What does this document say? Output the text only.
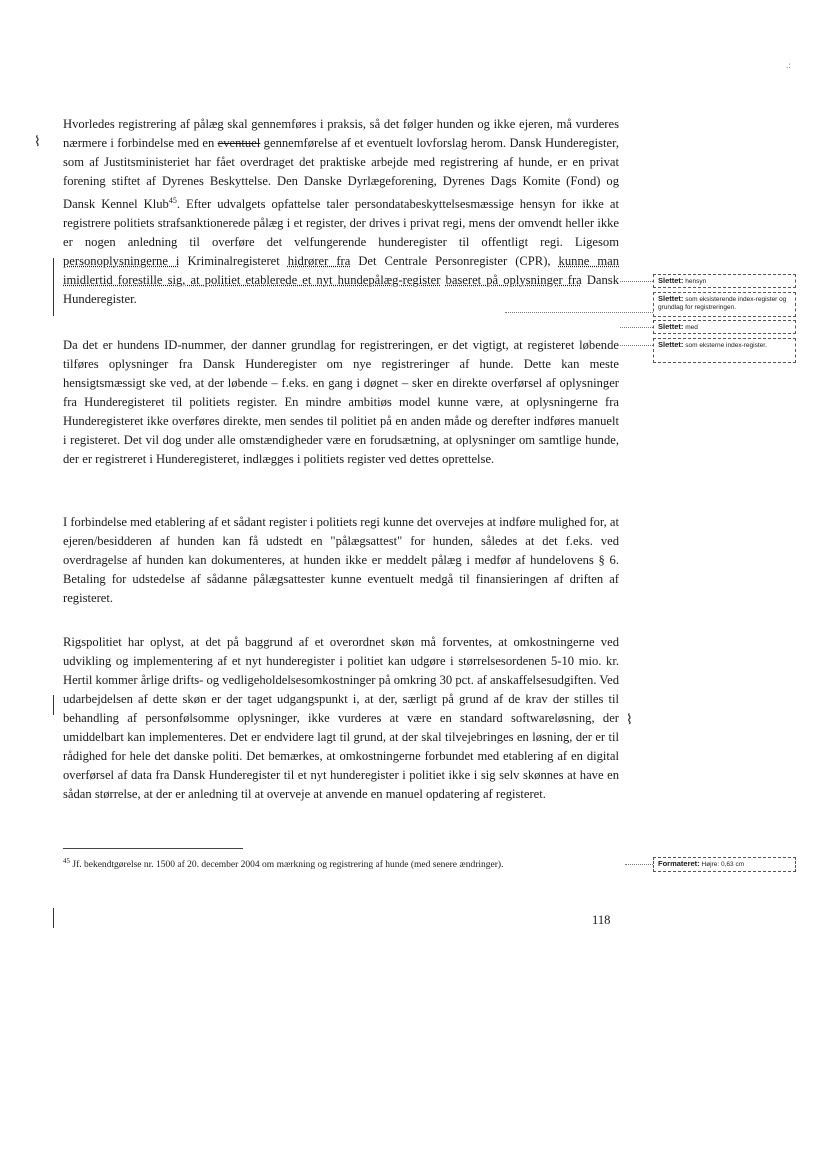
.:
⌇
⌇

Hvorledes registrering af pålæg skal gennemføres i praksis, så det følger hunden og ikke ejeren, må vurderes nærmere i forbindelse med en eventuel gennemførelse af et eventuelt lovforslag herom. Dansk Hunderegister, som af Justitsministeriet har fået overdraget det praktiske arbejde med registrering af hunde, er en privat forening stiftet af Dyrenes Beskyttelse. Den Danske Dyrlægeforening, Dyrenes Dags Komite (Fond) og Dansk Kennel Klub$^{45}$. Efter udvalgets opfattelse taler persondatabeskyttelsesmæssige hensyn for ikke at registrere politiets strafsanktionerede pålæg i et register, der drives i privat regi, mens der omvendt heller ikke er nogen anledning til overføre det velfungerende hunderegister til offentligt regi. Ligesom personoplysningerne i Kriminalregisteret hidrører fra Det Centrale Personregister (CPR), kunne man imidlertid forestille sig, at politiet etablerede et nyt hundepålæg-register baseret på oplysninger fra Dansk Hunderegister.

Da det er hundens ID-nummer, der danner grundlag for registreringen, er det vigtigt, at registeret løbende tilføres oplysninger fra Dansk Hunderegister om nye registreringer af hunde. Dette kan meste hensigtsmæssigt ske ved, at der løbende – f.eks. en gang i døgnet – sker en direkte overførsel af oplysninger fra Hunderegisteret til politiets register. En mindre ambitiøs model kunne være, at oplysningerne fra Hunderegisteret ikke overføres direkte, men sendes til politiet på en anden måde og derefter indføres manuelt i registeret. Det vil dog under alle omstændigheder være en forudsætning, at oplysninger om samtlige hunde, der er registreret i Hunderegisteret, indlægges i politiets register ved dettes oprettelse.

I forbindelse med etablering af et sådant register i politiets regi kunne det overvejes at indføre mulighed for, at ejeren/besidderen af hunden kan få udstedt en "pålægsattest" for hunden, således at det f.eks. ved overdragelse af hunden kan dokumenteres, at hunden ikke er meddelt pålæg i medfør af hundelovens § 6. Betaling for udstedelse af sådanne pålægsattester kunne eventuelt medgå til finansieringen af driften af registeret.

Rigspolitiet har oplyst, at det på baggrund af et overordnet skøn må forventes, at omkostningerne ved udvikling og implementering af et nyt hunderegister i politiet kan udgøre i størrelsesordenen 5-10 mio. kr. Hertil kommer årlige drifts- og vedligeholdelsesomkostninger på omkring 30 pct. af anskaffelsesudgiften. Ved udarbejdelsen af dette skøn er der taget udgangspunkt i, at der, særligt på grund af de krav der stilles til behandling af personfølsomme oplysninger, ikke vurderes at være en standard softwareløsning, der umiddelbart kan implementeres. Det er endvidere lagt til grund, at der skal tilvejebringes en løsning, der er til rådighed for hele det danske politi. Det bemærkes, at omkostningerne forbundet med etablering af en digital overførsel af data fra Dansk Hunderegister til et nyt hunderegister i politiet ikke i sig selv skønnes at have en sådan størrelse, at der er anledning til at overveje at anvende en manuel opdatering af registeret.

$^{45}$ Jf. bekendtgørelse nr. 1500 af 20. december 2004 om mærkning og registrering af hunde (med senere ændringer).
118
Slettet: hensyn
Slettet: som eksisterende index-register og grundlag for registreringen.
Slettet: med
Slettet: som eksterne index-register.
Formateret: Højre: 0,63 cm
